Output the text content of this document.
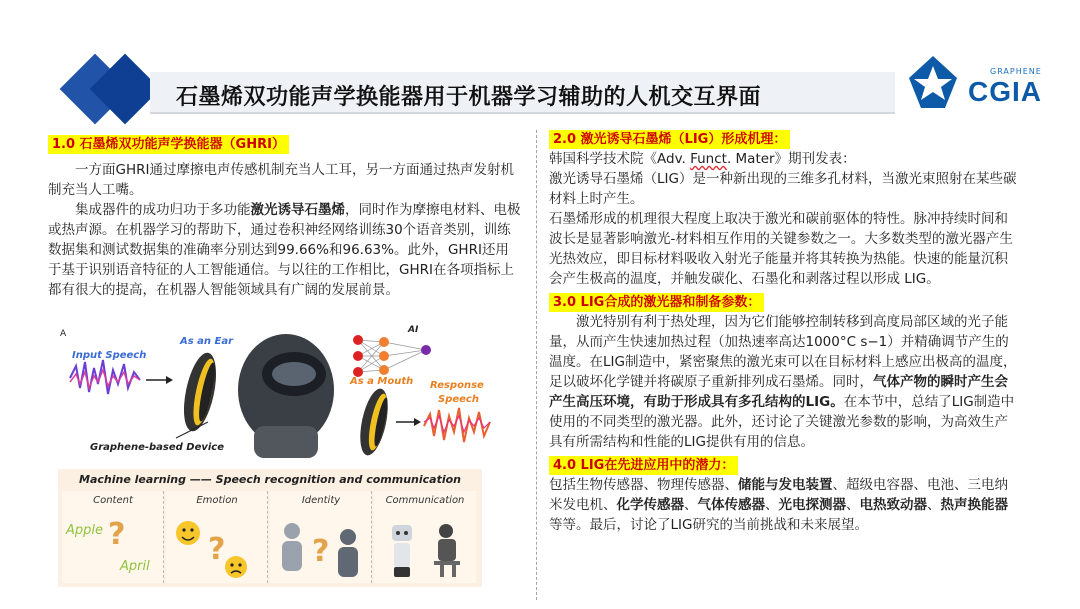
石墨烯双功能声学换能器用于机器学习辅助的人机交互界面
GRAPHENE
CGIA
1.0 石墨烯双功能声学换能器（GHRI）

一方面GHRI通过摩擦电声传感机制充当人工耳，另一方面通过热声发射机制充当人工嘴。

集成器件的成功归功于多功能激光诱导石墨烯，同时作为摩擦电材料、电极或热声源。在机器学习的帮助下，通过卷积神经网络训练30个语音类别，训练数据集和测试数据集的准确率分别达到99.66%和96.63%。此外，GHRI还用于基于识别语音特征的人工智能通信。与以往的工作相比，GHRI在各项指标上都有很大的提高，在机器人智能领域具有广阔的发展前景。

A
Input Speech
As an Ear
AI
As a Mouth Response
Speech
Graphene-based Device
Machine learning —— Speech recognition and communication
Content
Apple ?
April
Emotion
?
Identity
?
Communication
2.0 激光诱导石墨烯（LIG）形成机理：

韩国科学技术院《Adv. Funct. Mater》期刊发表：

激光诱导石墨烯（LIG）是一种新出现的三维多孔材料，当激光束照射在某些碳材料上时产生。

石墨烯形成的机理很大程度上取决于激光和碳前驱体的特性。脉冲持续时间和波长是显著影响激光-材料相互作用的关键参数之一。大多数类型的激光器产生光热效应，即目标材料吸收入射光子能量并将其转换为热能。快速的能量沉积会产生极高的温度，并触发碳化、石墨化和剥落过程以形成 LIG。

3.0 LIG合成的激光器和制备参数：

激光特别有利于热处理，因为它们能够控制转移到高度局部区域的光子能量，从而产生快速加热过程（加热速率高达1000°C s−1）并精确调节产生的温度。在LIG制造中，紧密聚焦的激光束可以在目标材料上感应出极高的温度，足以破坏化学键并将碳原子重新排列成石墨烯。同时，气体产物的瞬时产生会产生高压环境，有助于形成具有多孔结构的LIG。在本节中，总结了LIG制造中使用的不同类型的激光器。此外，还讨论了关键激光参数的影响，为高效生产具有所需结构和性能的LIG提供有用的信息。

4.0 LIG在先进应用中的潜力：

包括生物传感器、物理传感器、储能与发电装置、超级电容器、电池、三电纳米发电机、化学传感器、气体传感器、光电探测器、电热致动器、热声换能器等等。最后，讨论了LIG研究的当前挑战和未来展望。
